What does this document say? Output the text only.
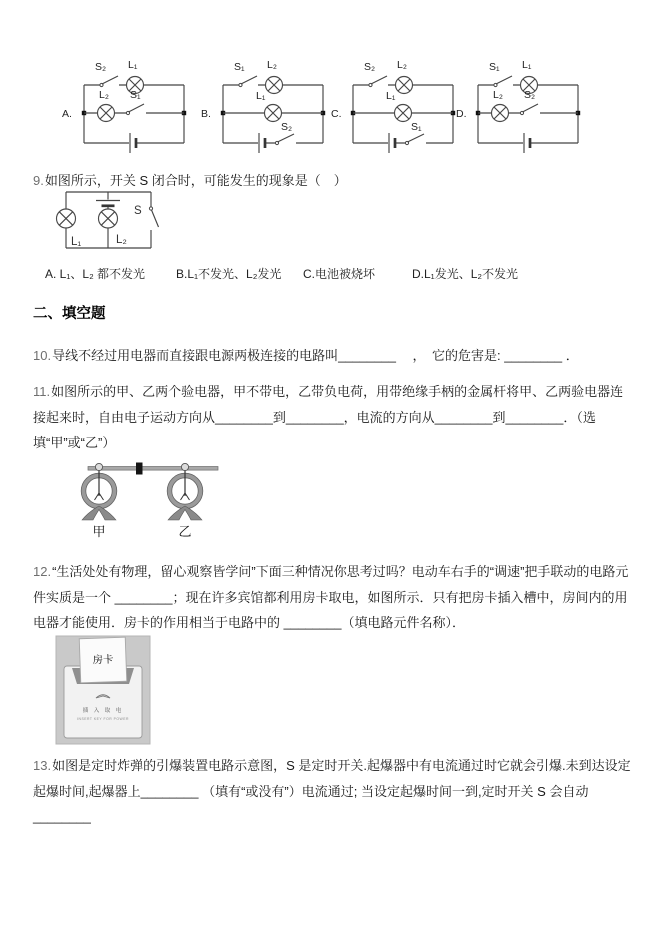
A.
S₂ L₁
L₂ S₁
B.
S₁ L₂
L₁
S₂
C.
S₂ L₂
L₁
S₁
D.
S₁ L₁
L₂ S₂

9.如图所示，开关 S 闭合时，可能发生的现象是（　）

S
L₁	L₂
A. L₁、L₂ 都不发光	B.L₁不发光、L₂发光 C.电池被烧坏	D.L₁发光、L₂不发光
二、填空题

10.导线不经过用电器而直接跟电源两极连接的电路叫________　 ，　它的危害是: ________ ．

11.如图所示的甲、乙两个验电器，甲不带电，乙带负电荷，用带绝缘手柄的金属杆将甲、乙两验电器连接起来时，自由电子运动方向从________到________，电流的方向从________到________．（选填“甲”或“乙”）

甲	乙

12.“生活处处有物理，留心观察皆学问”下面三种情况你思考过吗？电动车右手的“调速”把手联动的电路元件实质是一个 ________；现在许多宾馆都利用房卡取电，如图所示．只有把房卡插入槽中，房间内的用电器才能使用．房卡的作用相当于电路中的 ________（填电路元件名称）．

房卡
插 入 取 电
INSERT KEY FOR POWER

13.如图是定时炸弹的引爆装置电路示意图，S 是定时开关.起爆器中有电流通过时它就会引爆.未到达设定起爆时间,起爆器上________ （填有“或没有”）电流通过; 当设定起爆时间一到,定时开关 S 会自动________
